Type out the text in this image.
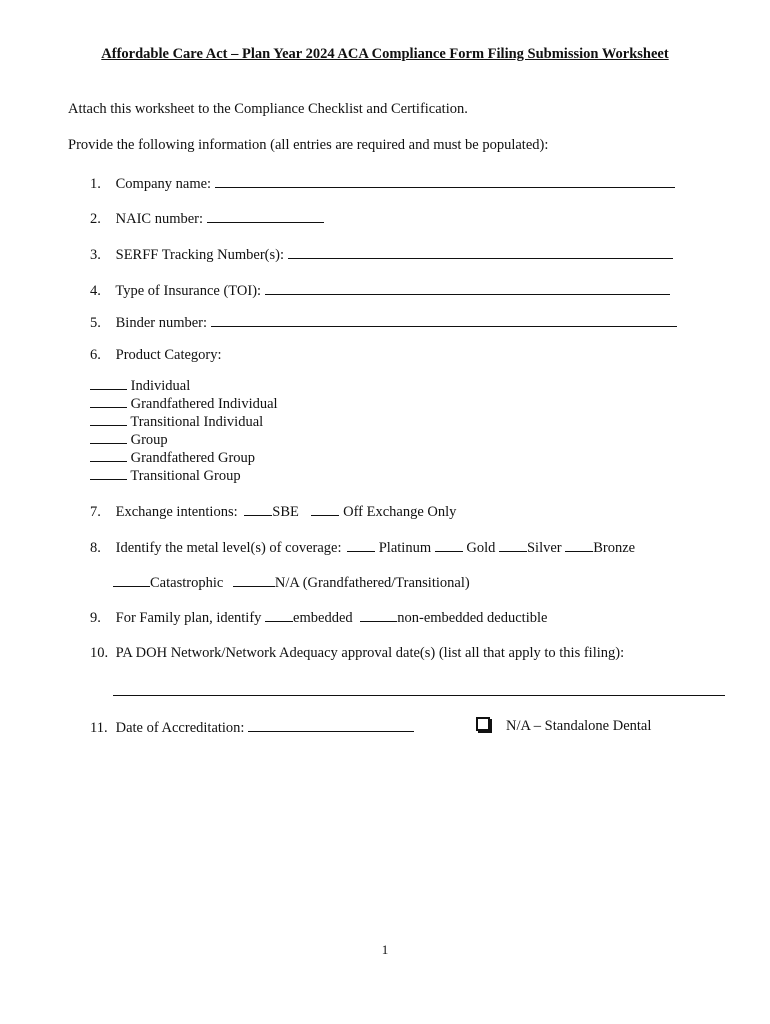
Affordable Care Act – Plan Year 2024 ACA Compliance Form Filing Submission Worksheet
Attach this worksheet to the Compliance Checklist and Certification.
Provide the following information (all entries are required and must be populated):
1. Company name:
2. NAIC number:
3. SERFF Tracking Number(s):
4. Type of Insurance (TOI):
5. Binder number:
6. Product Category:
Individual
Grandfathered Individual
Transitional Individual
Group
Grandfathered Group
Transitional Group
7. Exchange intentions: SBE	Off Exchange Only
8. Identify the metal level(s) of coverage:	Platinum Gold Silver Bronze
Catastrophic	N/A (Grandfathered/Transitional)
9. For Family plan, identify embedded	non-embedded deductible
10. PA DOH Network/Network Adequacy approval date(s) (list all that apply to this filing):
11. Date of Accreditation:	N/A – Standalone Dental
1
